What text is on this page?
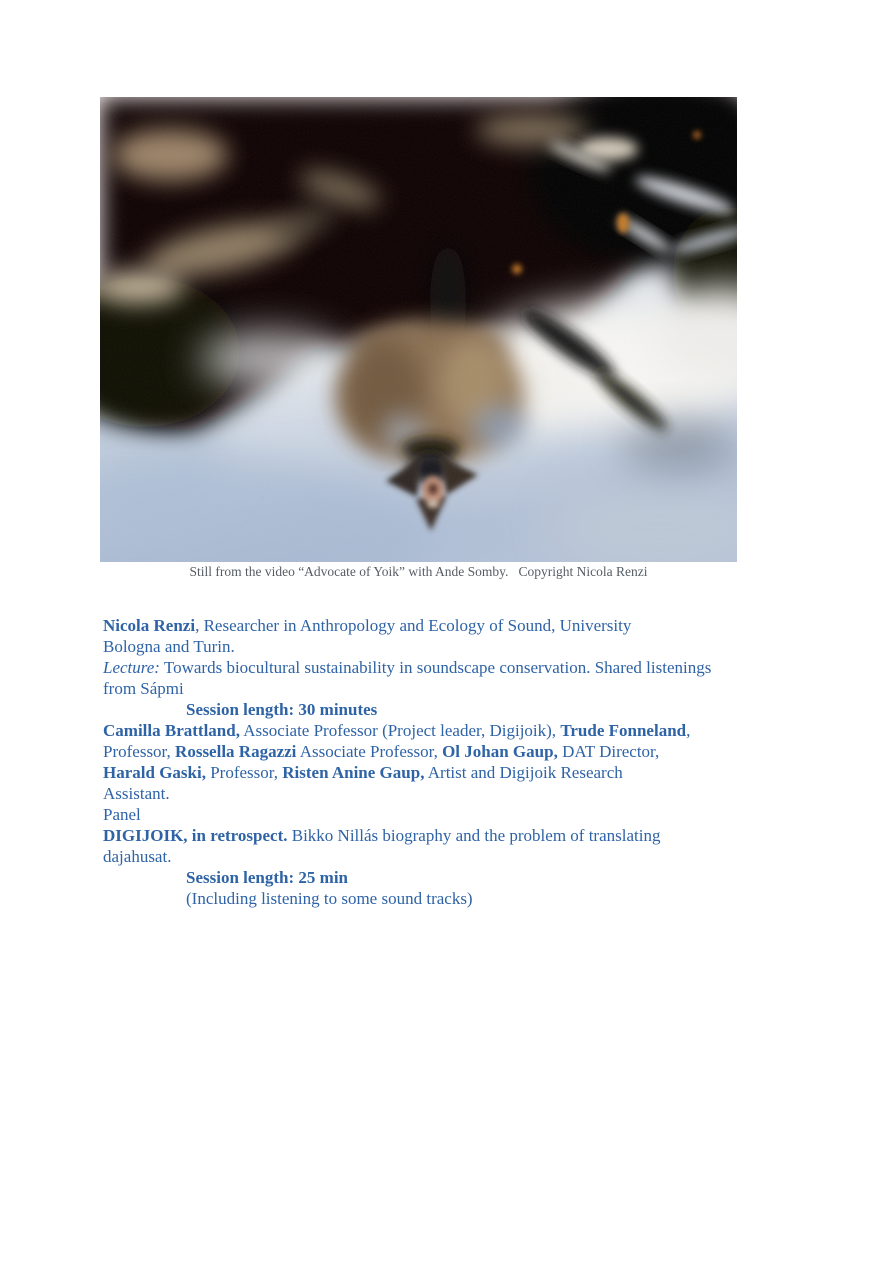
Still from the video “Advocate of Yoik” with Ande Somby.   Copyright Nicola Renzi

Nicola Renzi, Researcher in Anthropology and Ecology of Sound, University
Bologna and Turin.
Lecture: Towards biocultural sustainability in soundscape conservation. Shared listenings
from Sápmi

Session length: 30 minutes

Camilla Brattland, Associate Professor (Project leader, Digijoik), Trude Fonneland,
Professor, Rossella Ragazzi Associate Professor, Ol Johan Gaup, DAT Director,
Harald Gaski, Professor, Risten Anine Gaup, Artist and Digijoik Research
Assistant.
Panel
DIGIJOIK, in retrospect. Bikko Nillás biography and the problem of translating
dajahusat.

Session length: 25 min
(Including listening to some sound tracks)
